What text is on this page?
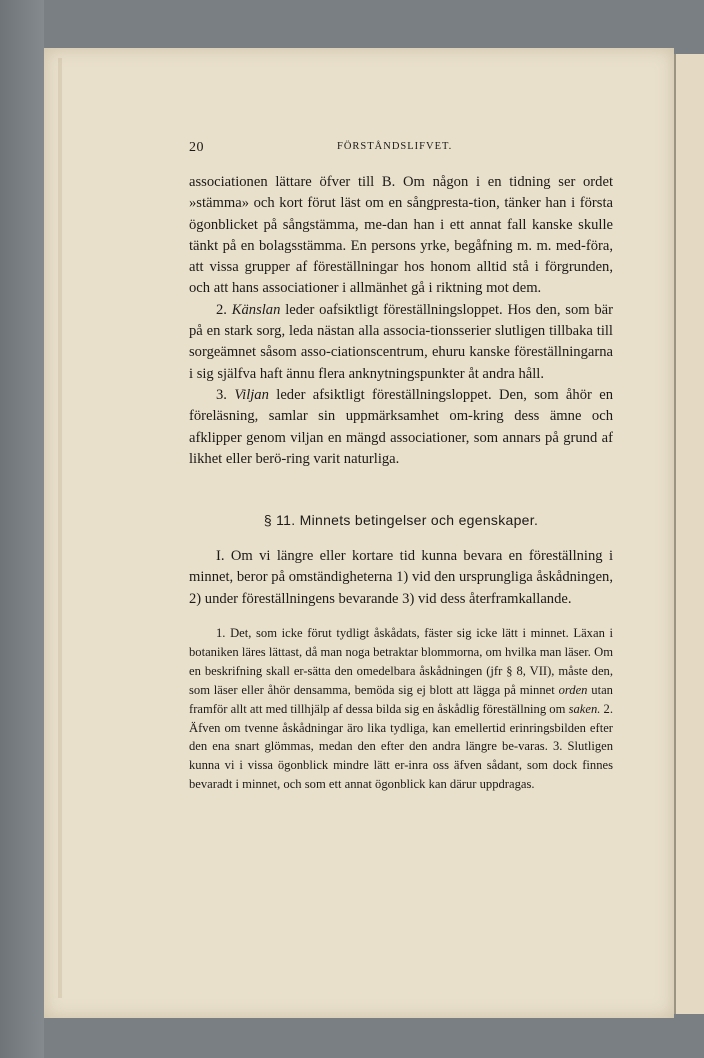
20	FÖRSTÅNDSLIFVET.

associationen lättare öfver till B. Om någon i en tidning ser ordet »stämma» och kort förut läst om en sångpresta-tion, tänker han i första ögonblicket på sångstämma, me-dan han i ett annat fall kanske skulle tänkt på en bolagsstämma. En persons yrke, begåfning m. m. med-föra, att vissa grupper af föreställningar hos honom alltid stå i förgrunden, och att hans associationer i allmänhet gå i riktning mot dem.

2. Känslan leder oafsiktligt föreställningsloppet. Hos den, som bär på en stark sorg, leda nästan alla associa-tionsserier slutligen tillbaka till sorgeämnet såsom asso-ciationscentrum, ehuru kanske föreställningarna i sig själfva haft ännu flera anknytningspunkter åt andra håll.

3. Viljan leder afsiktligt föreställningsloppet. Den, som åhör en föreläsning, samlar sin uppmärksamhet om-kring dess ämne och afklipper genom viljan en mängd associationer, som annars på grund af likhet eller berö-ring varit naturliga.

§ 11. Minnets betingelser och egenskaper.

I. Om vi längre eller kortare tid kunna bevara en föreställning i minnet, beror på omständigheterna 1) vid den ursprungliga åskådningen, 2) under föreställningens bevarande 3) vid dess återframkallande.

1. Det, som icke förut tydligt åskådats, fäster sig icke lätt i minnet. Läxan i botaniken läres lättast, då man noga betraktar blommorna, om hvilka man läser. Om en beskrifning skall er-sätta den omedelbara åskådningen (jfr § 8, VII), måste den, som läser eller åhör densamma, bemöda sig ej blott att lägga på minnet orden utan framför allt att med tillhjälp af dessa bilda sig en åskådlig föreställning om saken. 2. Äfven om tvenne åskådningar äro lika tydliga, kan emellertid erinringsbilden efter den ena snart glömmas, medan den efter den andra längre be-varas. 3. Slutligen kunna vi i vissa ögonblick mindre lätt er-inra oss äfven sådant, som dock finnes bevaradt i minnet, och som ett annat ögonblick kan därur uppdragas.
